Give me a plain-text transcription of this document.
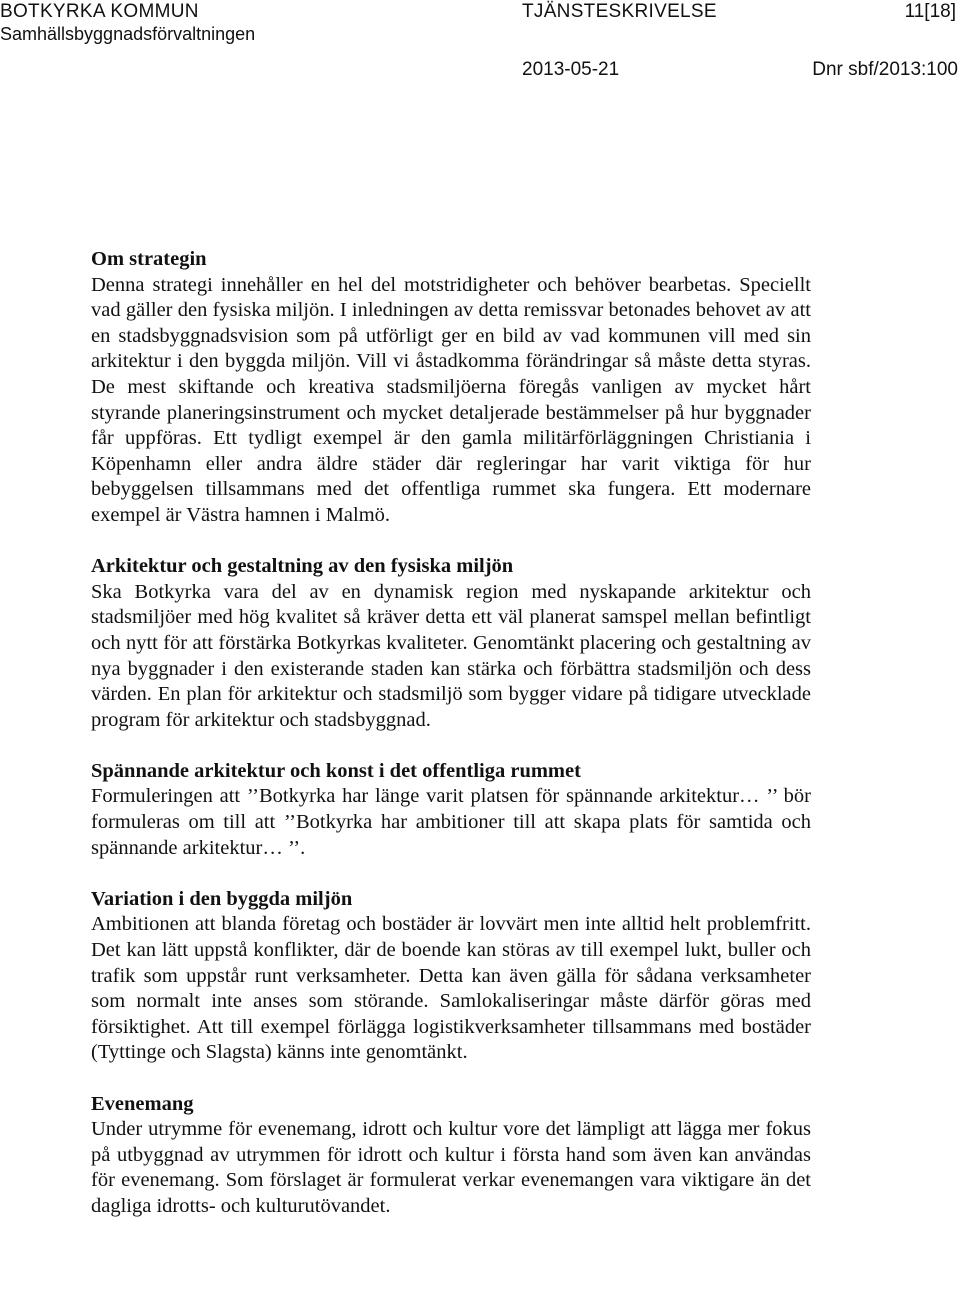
BOTKYRKA KOMMUN
Samhällsbyggnadsförvaltningen
TJÄNSTESKRIVELSE	11[18]
2013-05-21	Dnr sbf/2013:100
Om strategin

Denna strategi innehåller en hel del motstridigheter och behöver bearbetas. Speciellt vad gäller den fysiska miljön. I inledningen av detta remissvar betonades behovet av att en stadsbyggnadsvision som på utförligt ger en bild av vad kommunen vill med sin arkitektur i den byggda miljön. Vill vi åstadkomma förändringar så måste detta styras. De mest skiftande och kreativa stadsmiljöerna föregås vanligen av mycket hårt styrande planeringsinstrument och mycket detaljerade bestämmelser på hur byggnader får uppföras. Ett tydligt exempel är den gamla militärförläggningen Christiania i Köpenhamn eller andra äldre städer där regleringar har varit viktiga för hur bebyggelsen tillsammans med det offentliga rummet ska fungera. Ett modernare exempel är Västra hamnen i Malmö.

Arkitektur och gestaltning av den fysiska miljön

Ska Botkyrka vara del av en dynamisk region med nyskapande arkitektur och stadsmiljöer med hög kvalitet så kräver detta ett väl planerat samspel mellan befintligt och nytt för att förstärka Botkyrkas kvaliteter. Genomtänkt placering och gestaltning av nya byggnader i den existerande staden kan stärka och förbättra stadsmiljön och dess värden. En plan för arkitektur och stadsmiljö som bygger vidare på tidigare utvecklade program för arkitektur och stadsbyggnad.

Spännande arkitektur och konst i det offentliga rummet

Formuleringen att ’’Botkyrka har länge varit platsen för spännande arkitektur… ’’ bör formuleras om till att ’’Botkyrka har ambitioner till att skapa plats för samtida och spännande arkitektur… ’’.

Variation i den byggda miljön

Ambitionen att blanda företag och bostäder är lovvärt men inte alltid helt problemfritt. Det kan lätt uppstå konflikter, där de boende kan störas av till exempel lukt, buller och trafik som uppstår runt verksamheter. Detta kan även gälla för sådana verksamheter som normalt inte anses som störande. Samlokaliseringar måste därför göras med försiktighet. Att till exempel förlägga logistikverksamheter tillsammans med bostäder (Tyttinge och Slagsta) känns inte genomtänkt.

Evenemang

Under utrymme för evenemang, idrott och kultur vore det lämpligt att lägga mer fokus på utbyggnad av utrymmen för idrott och kultur i första hand som även kan användas för evenemang. Som förslaget är formulerat verkar evenemangen vara viktigare än det dagliga idrotts- och kulturutövandet.
